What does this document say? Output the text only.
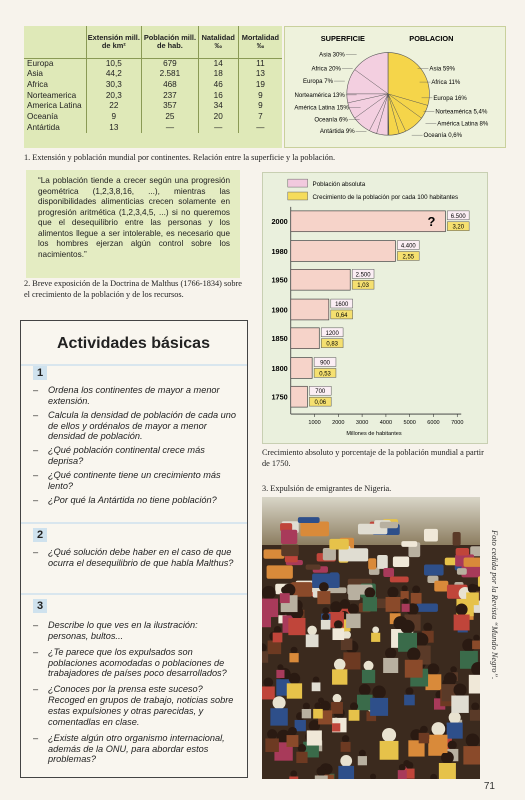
	Extensión mill. de km²	Población mill. de hab.	Natalidad ‰	Mortalidad ‰
Europa	10,5	679	14	11
Asia	44,2	2.581	18	13
Africa	30,3	468	46	19
Norteamerica	20,3	237	16	9
America Latina	22	357	34	9
Oceanía	9	25	20	7
Antártida	13	—	—	—
SUPERFICIE	POBLACION
Asia 30%
Africa 20%
Europa 7%
Norteamérica 13%
América Latina 15%
Oceanía 6%
Antártida 9%
Asia 59%
Africa 11%
Europa 16%
Norteamérica 5,4%
América Latina 8%
Oceanía 0,6%
1. Extensión y población mundial por continentes. Relación entre la superficie y la población.
“La población tiende a crecer según una progresión geométrica (1,2,3,8,16, ...), mientras las disponibilidades alimenticias crecen solamente en progresión aritmética (1,2,3,4,5, ...) si no queremos que el desequilibrio entre las personas y los alimentos llegue a ser intolerable, es necesario que los hombres ejerzan algún control sobre los nacimientos.”
2. Breve exposición de la Doctrina de Malthus (1766-1834) sobre el crecimiento de la población y de los recursos.
Actividades básicas
1
– Ordena los continentes de mayor a menor extensión.
– Calcula la densidad de población de cada uno de ellos y ordénalos de mayor a menor densidad de población.
– ¿Qué población continental crece más deprisa?
– ¿Qué continente tiene un crecimiento más lento?
– ¿Por qué la Antártida no tiene población?
2
– ¿Qué solución debe haber en el caso de que ocurra el desequilibrio de que habla Malthus?
3
– Describe lo que ves en la ilustración: personas, bultos...
– ¿Te parece que los expulsados son poblaciones acomodadas o poblaciones de trabajadores de países poco desarrollados?
– ¿Conoces por la prensa este suceso? Recoged en grupos de trabajo, noticias sobre estas expulsiones y otras parecidas, y comentadlas en clase.
– ¿Existe algún otro organismo internacional, además de la ONU, para abordar estos problemas?
Población absoluta
Crecimiento de la población por cada 100 habitantes
1000 2000 3000 4000 5000 6000 7000
Millones de habitantes
2000
6.500
3,20
?
1980
4.400
2,55
1950
2.500
1,03
1900
1600
0,64
1850
1200
0,83
1800
900
0,53
1750
700
0,06
Crecimiento absoluto y porcentaje de la población mundial a partir de 1750.
3. Expulsión de emigrantes de Nigeria.
Foto cedida por la Revista “Mundo Negro”.
71
